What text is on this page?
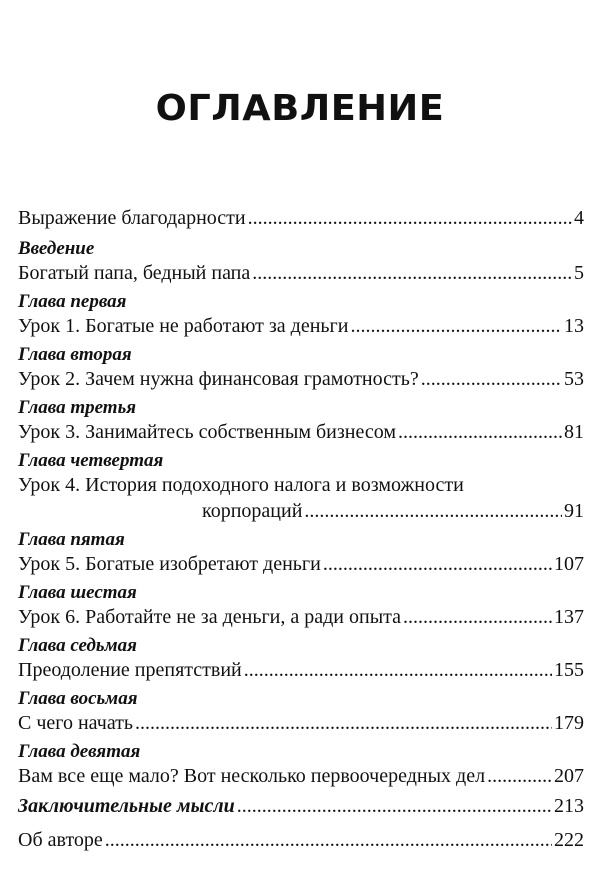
ОГЛАВЛЕНИЕ
Выражение благодарности .....	4
Введение
Богатый папа, бедный папа .....	5
Глава первая
Урок 1. Богатые не работают за деньги .....	13
Глава вторая
Урок 2. Зачем нужна финансовая грамотность? .....	53
Глава третья
Урок 3. Занимайтесь собственным бизнесом .....	81
Глава четвертая
Урок 4. История подоходного налога и возможности
корпораций .....	91
Глава пятая
Урок 5. Богатые изобретают деньги .....	107
Глава шестая
Урок 6. Работайте не за деньги, а ради опыта .....	137
Глава седьмая
Преодоление препятствий .....	155
Глава восьмая
С чего начать .....	179
Глава девятая
Вам все еще мало? Вот несколько первоочередных дел .....	207
Заключительные мысли .....	213
Об авторе .....	222
